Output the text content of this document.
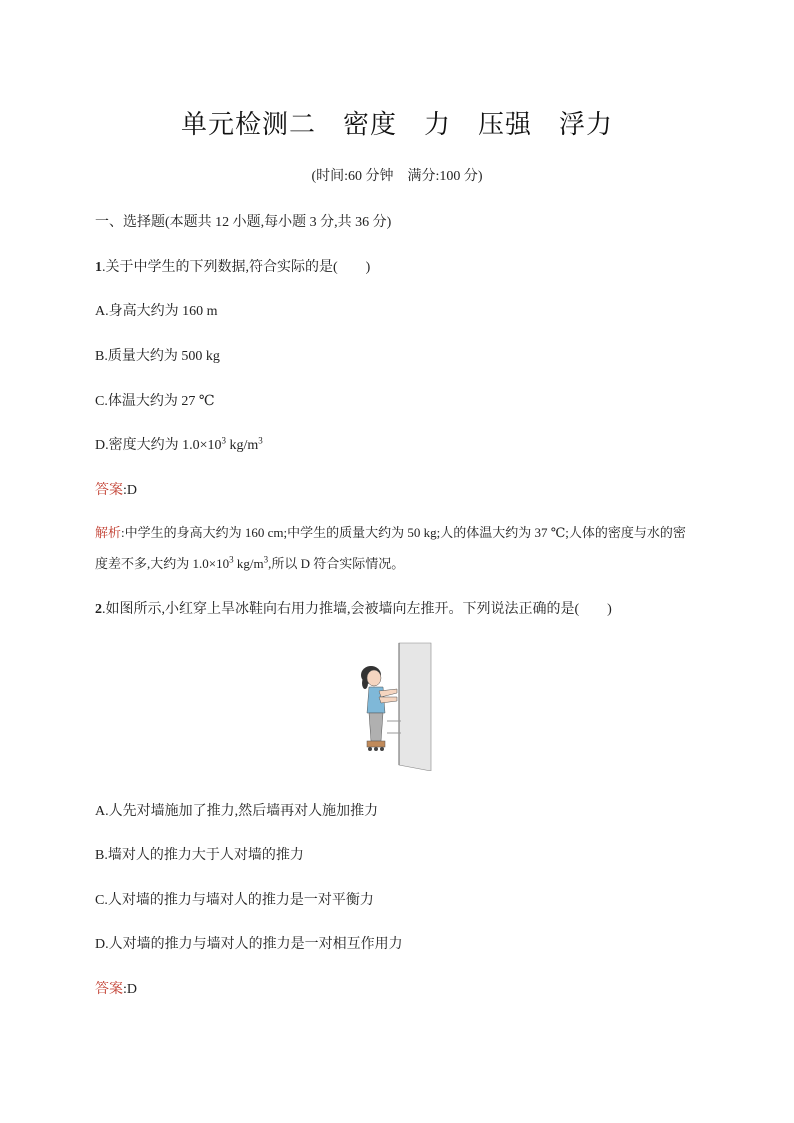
单元检测二　密度　力　压强　浮力
(时间:60 分钟　满分:100 分)
一、选择题(本题共 12 小题,每小题 3 分,共 36 分)
1.关于中学生的下列数据,符合实际的是(　　)
A.身高大约为 160 m
B.质量大约为 500 kg
C.体温大约为 27 ℃
D.密度大约为 $1.0\times 10^3$ $kg/m^3$
答案:D
解析:中学生的身高大约为 160 cm;中学生的质量大约为 50 kg;人的体温大约为 37 ℃;人体的密度与水的密度差不多,大约为 $1.0\times 10^3$ $kg/m^3$,所以 D 符合实际情况。
2.如图所示,小红穿上旱冰鞋向右用力推墙,会被墙向左推开。下列说法正确的是(　　)
A.人先对墙施加了推力,然后墙再对人施加推力
B.墙对人的推力大于人对墙的推力
C.人对墙的推力与墙对人的推力是一对平衡力
D.人对墙的推力与墙对人的推力是一对相互作用力
答案:D
